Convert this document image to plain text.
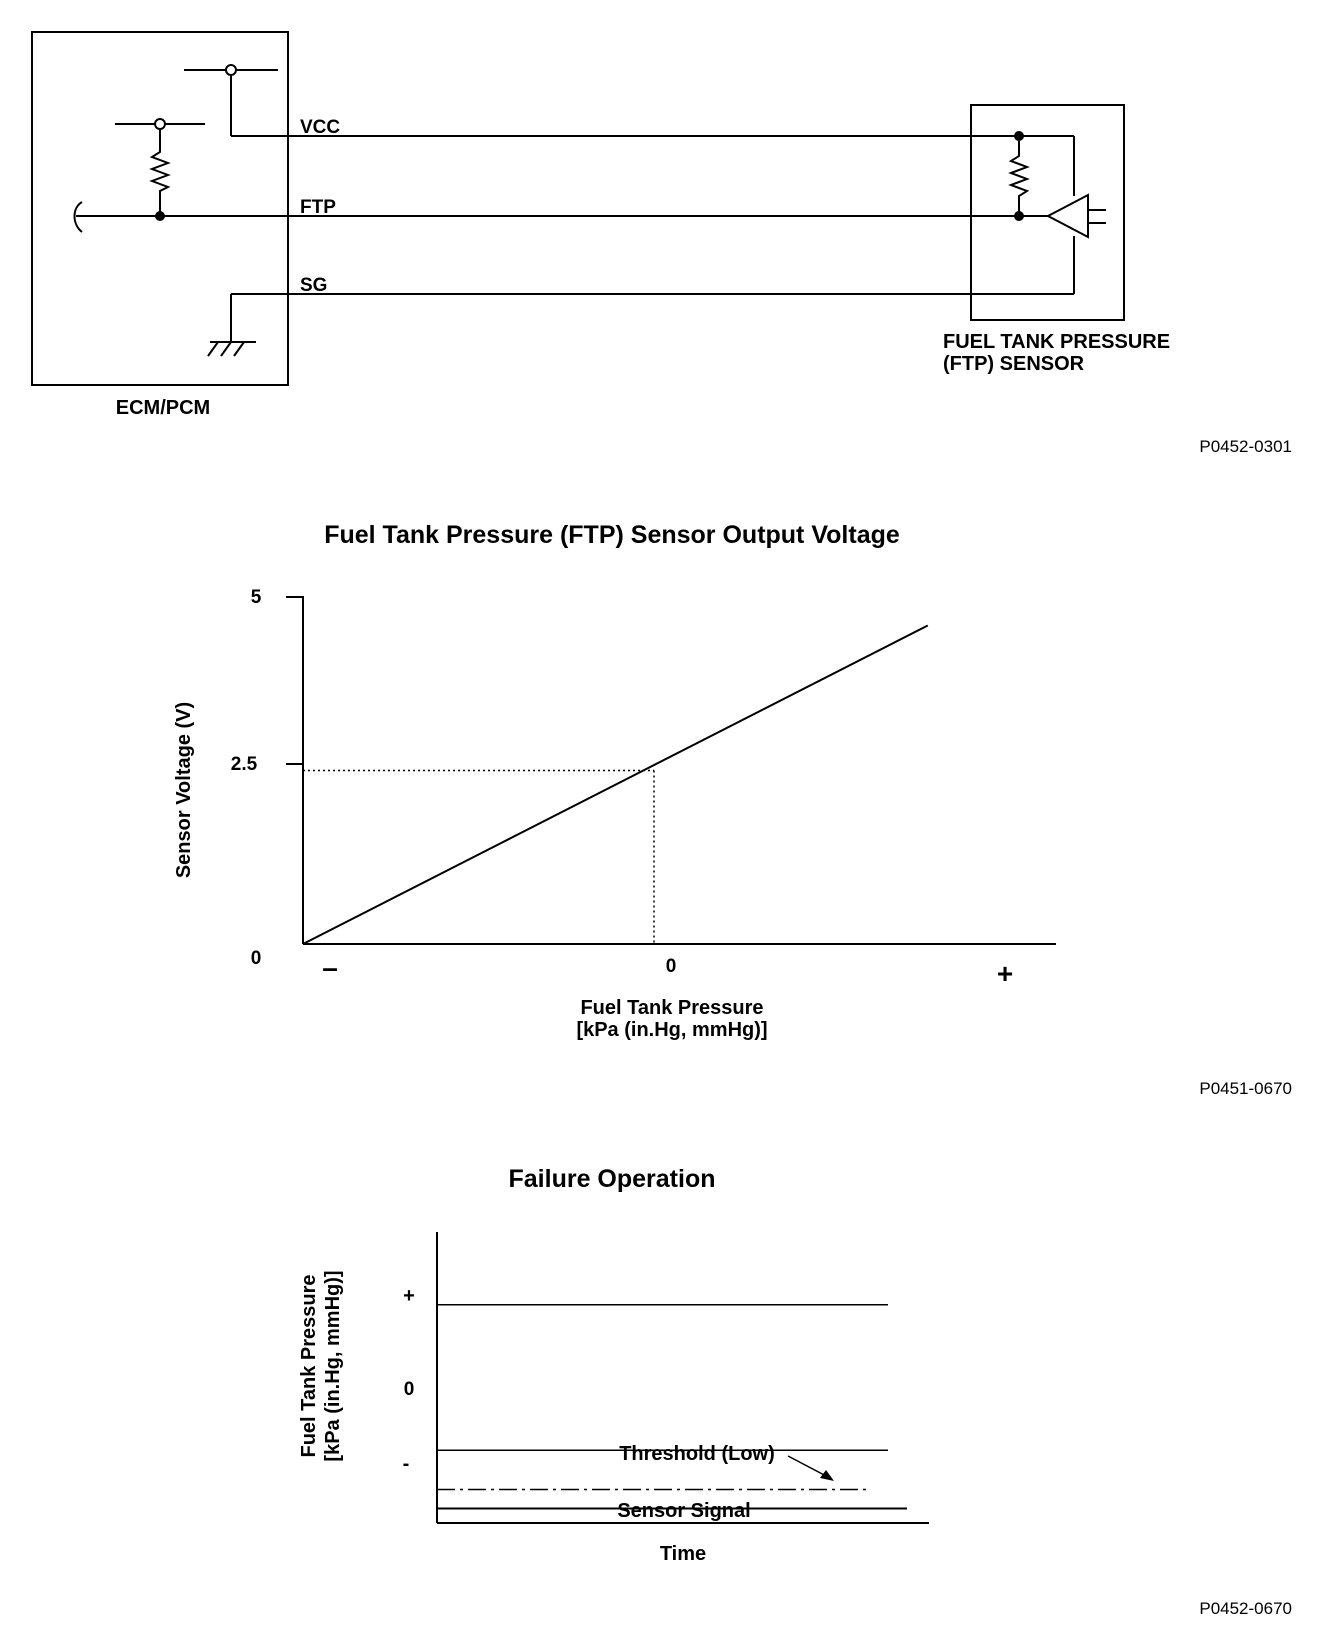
VCC
FTP
SG
ECM/PCM
FUEL TANK PRESSURE
(FTP) SENSOR
P0452-0301
Fuel Tank Pressure (FTP) Sensor Output Voltage
5
2.5
0 –	0	+
Sensor Voltage (V)
Fuel Tank Pressure
[kPa (in.Hg, mmHg)]
P0451-0670
Failure Operation
+
0
-	Threshold (Low)
Sensor Signal
Fuel Tank Pressure [kPa (in.Hg, mmHg)]
Time
P0452-0670
